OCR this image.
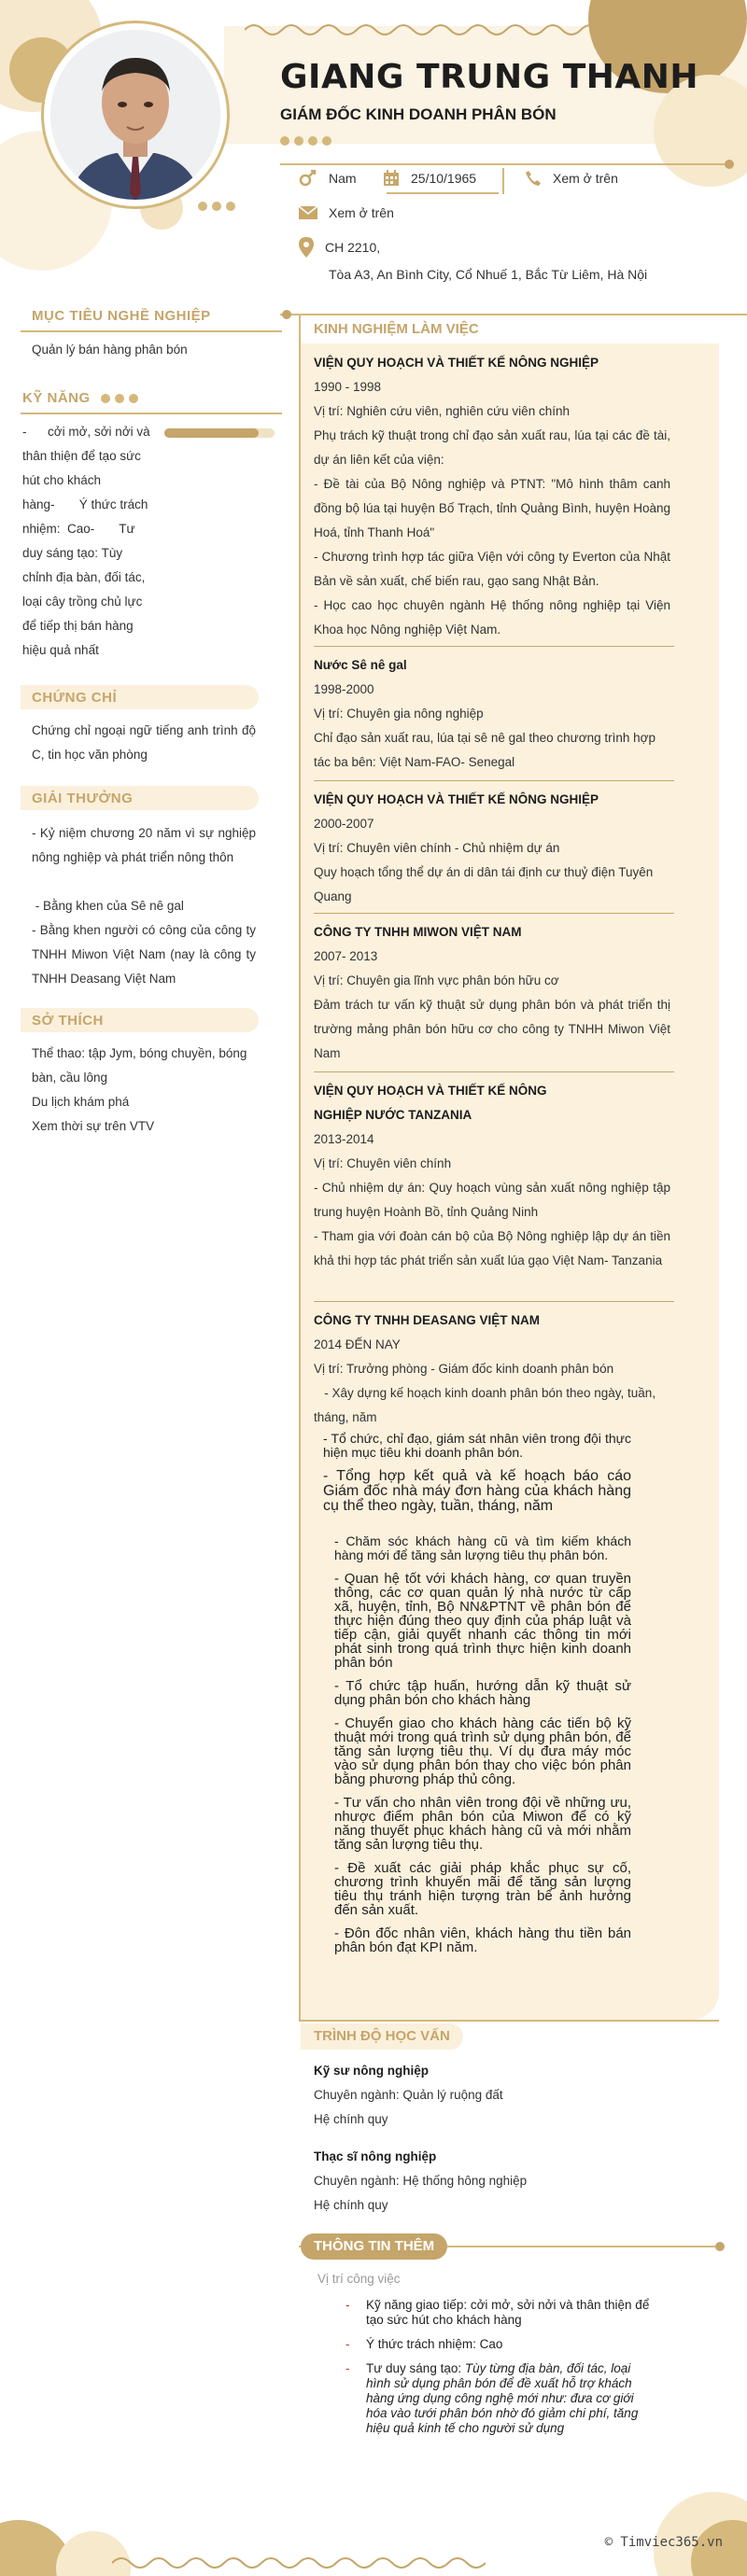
GIANG TRUNG THANH
GIÁM ĐỐC KINH DOANH PHÂN BÓN
Nam	25/10/1965	Xem ở trên
Xem ở trên
CH 2210,
Tòa A3, An Bình City, Cổ Nhuế 1, Bắc Từ Liêm, Hà Nội
MỤC TIÊU NGHỀ NGHIỆP
Quản lý bán hàng phân bón
KỸ NĂNG
-      cởi mở, sởi nởi và
thân thiện để tạo sức
hút cho khách
hàng-       Ý thức trách
nhiệm:  Cao-       Tư
duy sáng tạo: Tùy
chỉnh địa bàn, đối tác,
loại cây trồng chủ lực
để tiếp thị bán hàng
hiệu quả nhất
CHỨNG CHỈ
Chứng chỉ ngoại ngữ tiếng anh trình độ C, tin học văn phòng
GIẢI THƯỞNG
- Kỷ niệm chương 20 năm vì sự nghiệp nông nghiệp và phát triển nông thôn
- Bằng khen của Sê nê gal
- Bằng khen người có công của công ty TNHH Miwon Việt Nam (nay là công ty TNHH Deasang Việt Nam
SỞ THÍCH
Thể thao: tập Jym, bóng chuyền, bóng bàn, cầu lông
Du lịch khám phá
Xem thời sự trên VTV
KINH NGHIỆM LÀM VIỆC
VIỆN QUY HOẠCH VÀ THIẾT KẾ NÔNG NGHIỆP
1990 - 1998
Vị trí: Nghiên cứu viên, nghiên cứu viên chính
Phụ trách kỹ thuật trong chỉ đạo sản xuất rau, lúa tại các đề tài, dự án liên kết của viện:
- Đề tài của Bộ Nông nghiệp và PTNT: "Mô hình thâm canh đồng bộ lúa tại huyện Bố Trạch, tỉnh Quảng Bình, huyện Hoàng Hoá, tỉnh Thanh Hoá"
- Chương trình hợp tác giữa Viện với công ty Everton của Nhật Bản về sản xuất, chế biến rau, gạo sang Nhật Bản.
- Học cao học chuyên ngành Hệ thống nông nghiệp tại Viện Khoa học Nông nghiệp Việt Nam.
Nước Sê nê gal
1998-2000
Vị trí: Chuyên gia nông nghiệp
Chỉ đạo sản xuất rau, lúa tại sê nê gal theo chương trình hợp tác ba bên: Việt Nam-FAO- Senegal
VIỆN QUY HOẠCH VÀ THIẾT KẾ NÔNG NGHIỆP
2000-2007
Vị trí: Chuyên viên chính - Chủ nhiệm dự án
Quy hoạch tổng thể dự án di dân tái định cư thuỷ điện Tuyên Quang
CÔNG TY TNHH MIWON VIỆT NAM
2007- 2013
Vị trí: Chuyên gia lĩnh vực phân bón hữu cơ
Đảm trách tư vấn kỹ thuật sử dụng phân bón và phát triển thị trường mảng phân bón hữu cơ cho công ty TNHH Miwon Việt Nam
VIỆN QUY HOẠCH VÀ THIẾT KẾ NÔNG NGHIỆP NƯỚC TANZANIA
2013-2014
Vị trí: Chuyên viên chính
- Chủ nhiệm dự án: Quy hoạch vùng sản xuất nông nghiệp tập trung huyện Hoành Bồ, tỉnh Quảng Ninh
- Tham gia với đoàn cán bộ của Bộ Nông nghiệp lập dự án tiền khả thi hợp tác phát triển sản xuất lúa gạo Việt Nam- Tanzania
CÔNG TY TNHH DEASANG VIỆT NAM
2014 ĐẾN NAY
Vị trí: Trưởng phòng - Giám đốc kinh doanh phân bón
- Xây dựng kế hoạch kinh doanh phân bón theo ngày, tuần, tháng, năm
- Tổ chức, chỉ đạo, giám sát nhân viên trong đội thực hiện mục tiêu khi doanh phân bón.
- Tổng hợp kết quả và kế hoạch báo cáo Giám đốc nhà máy đơn hàng của khách hàng cụ thể theo ngày, tuần, tháng, năm
- Chăm sóc khách hàng cũ và tìm kiếm khách hàng mới để tăng sản lượng tiêu thụ phân bón.
- Quan hệ tốt với khách hàng, cơ quan truyền thông, các cơ quan quản lý nhà nước từ cấp xã, huyện, tỉnh, Bộ NN&PTNT về phân bón để thực hiện đúng theo quy định của pháp luật và tiếp cận, giải quyết nhanh các thông tin mới phát sinh trong quá trình thực hiện kinh doanh phân bón
- Tổ chức tập huấn, hướng dẫn kỹ thuật sử dụng phân bón cho khách hàng
- Chuyển giao cho khách hàng các tiến bộ kỹ thuật mới trong quá trình sử dụng phân bón, để tăng sản lượng tiêu thụ. Ví dụ đưa máy móc vào sử dụng phân bón thay cho việc bón phân bằng phương pháp thủ công.
- Tư vấn cho nhân viên trong đội về những ưu, nhược điểm phân bón của Miwon để có kỹ năng thuyết phục khách hàng cũ và mới nhằm tăng sản lượng tiêu thụ.
- Đề xuất các giải pháp khắc phục sự cố, chương trình khuyến mãi để tăng sản lượng tiêu thụ tránh hiện tượng tràn bể ảnh hưởng đến sản xuất.
- Đôn đốc nhân viên, khách hàng thu tiền bán phân bón đạt KPI năm.
TRÌNH ĐỘ HỌC VẤN
Kỹ sư nông nghiệp
Chuyên ngành: Quản lý ruộng đất
Hệ chính quy
Thạc sĩ nông nghiệp
Chuyên ngành: Hệ thống hông nghiệp
Hệ chính quy
THÔNG TIN THÊM
Vị trí công việc
- Kỹ năng giao tiếp: cởi mở, sởi nởi và thân thiện để tạo sức hút cho khách hàng
- Ý thức trách nhiệm: Cao
- Tư duy sáng tạo: Tùy từng địa bàn, đối tác, loại hình sử dụng phân bón để đề xuất hỗ trợ khách hàng ứng dụng công nghệ mới như: đưa cơ giới hóa vào tưới phân bón nhờ đó giảm chi phí, tăng hiệu quả kinh tế cho người sử dụng
© Timviec365.vn
